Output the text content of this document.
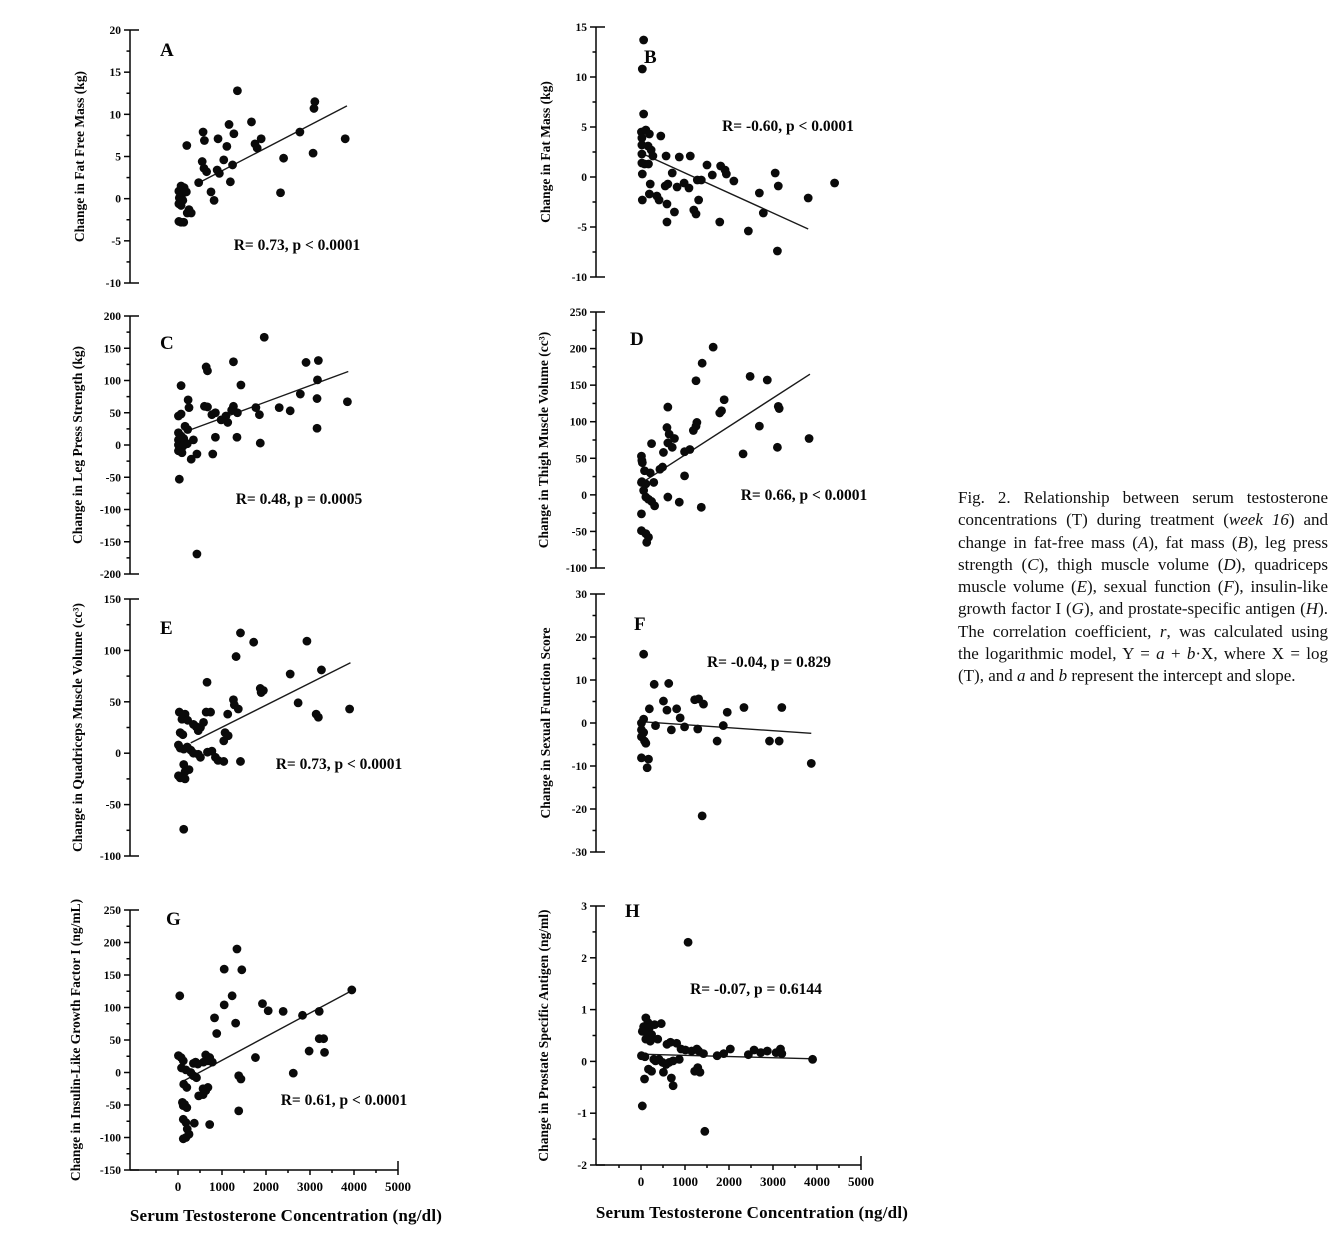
-10
-5
0
5
10
15
20
A
R= 0.73, p < 0.0001
Change in Fat Free Mass (kg)
-10
-5
0
5
10
15
B
R= -0.60, p < 0.0001
Change in Fat Mass (kg)
-200
-150
-100
-50
0
50
100
150
200
C
R= 0.48, p = 0.0005
Change in Leg Press Strength (kg)
-100
-50
0
50
100
150
200
250
D
R= 0.66, p < 0.0001
Change in Thigh Muscle Volume (cc³)
-100
-50
0
50
100
150
E
R= 0.73, p < 0.0001
Change in Quadriceps Muscle Volume (cc³)
-30
-20
-10
0
10
20
30
F
R= -0.04, p = 0.829
Change in Sexual Function Score
-150
-100
-50
0
50
100
150
200
250
0 1000 2000 3000 4000 5000
G
R= 0.61, p < 0.0001
Change in Insulin-Like Growth Factor I (ng/mL)	-2
-1
0
1
2
3
0 1000 2000 3000 4000 5000
H
R= -0.07, p = 0.6144
Change in Prostate Specific Antigen (ng/ml)
Serum Testosterone Concentration (ng/dl)	Serum Testosterone Concentration (ng/dl)
Fig. 2. Relationship between serum testosterone concentrations (T) during treatment (week 16) and change in fat-free mass (A), fat mass (B), leg press strength (C), thigh muscle volume (D), quadriceps muscle volume (E), sexual function (F), insulin-like growth factor I (G), and prostate-specific antigen (H). The correlation coefficient, r, was calculated using the logarithmic model, Y = a + b·X, where X = log (T), and a and b represent the intercept and slope.
